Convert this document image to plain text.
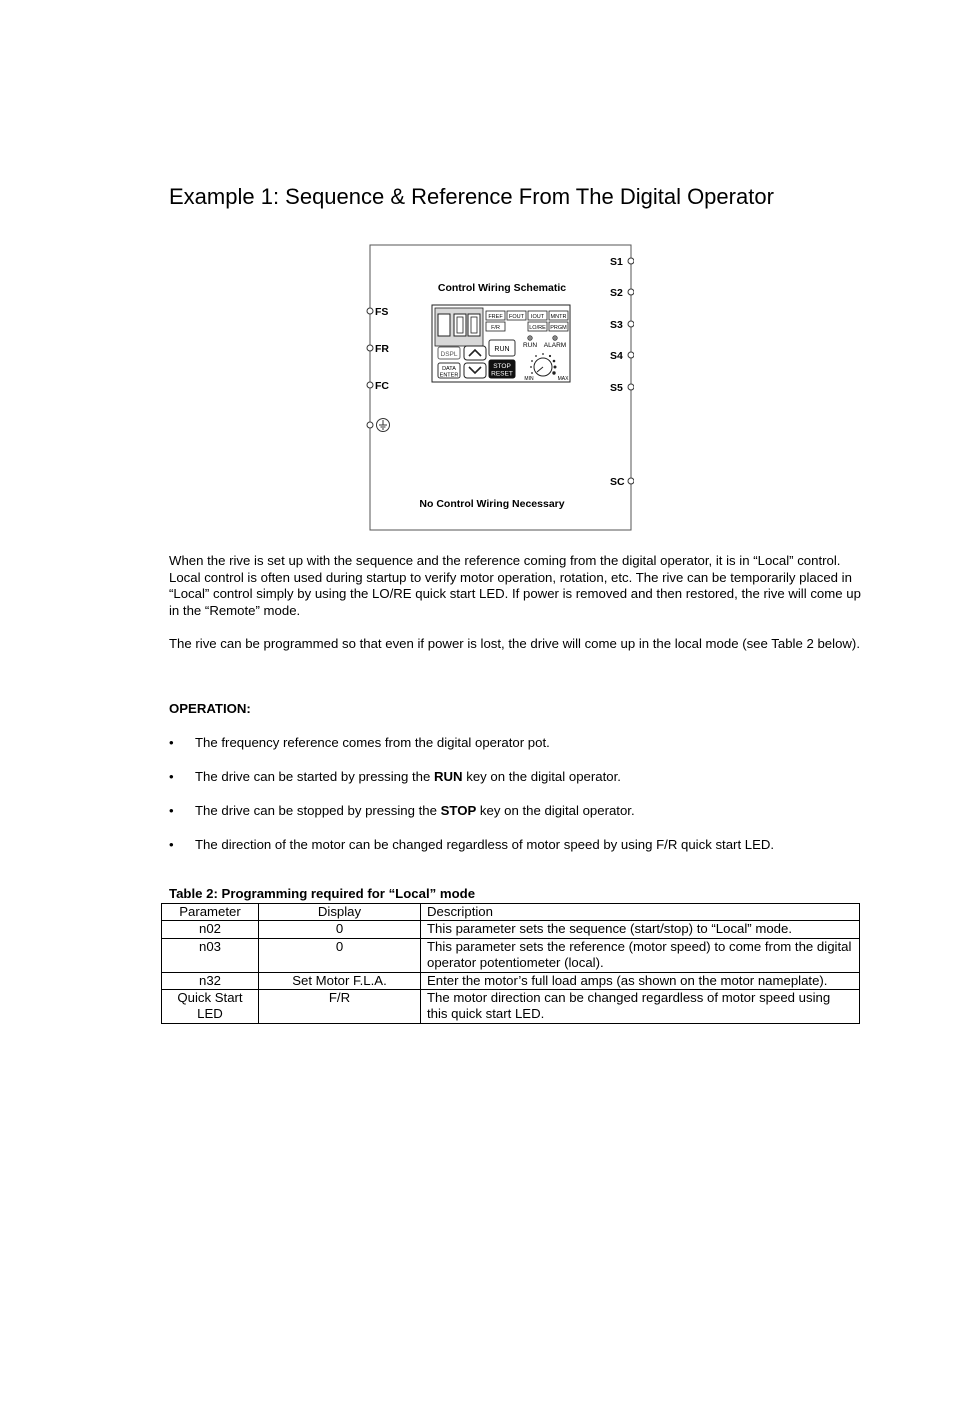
Example 1: Sequence & Reference From The Digital Operator
Control Wiring Schematic
FS
FR
FC
S1
S2
S3
S4
S5
SC
FREF FOUT IOUT MNTR
F/R	LO/RE PRGM
DSPL
DATA
ENTER
RUN
STOP
RESET
RUN ALARM
MIN	MAX
No Control Wiring Necessary
When the rive is set up with the sequence and the reference coming from the digital operator, it is in “Local” control. Local control is often used during startup to verify motor operation, rotation, etc. The rive can be temporarily placed in “Local” control simply by using the LO/RE quick start LED. If power is removed and then restored, the rive will come up in the “Remote” mode.
The rive can be programmed so that even if power is lost, the drive will come up in the local mode (see Table 2 below).
OPERATION:
• The frequency reference comes from the digital operator pot.
• The drive can be started by pressing the RUN key on the digital operator.
• The drive can be stopped by pressing the STOP key on the digital operator.
• The direction of the motor can be changed regardless of motor speed by using F/R quick start LED.
Table 2: Programming required for “Local” mode
Parameter	Display	Description
n02	0	This parameter sets the sequence (start/stop) to “Local” mode.
n03	0	This parameter sets the reference (motor speed) to come from the digital operator potentiometer (local).
n32	Set Motor F.L.A.	Enter the motor’s full load amps (as shown on the motor nameplate).
Quick Start LED	F/R	The motor direction can be changed regardless of motor speed using this quick start LED.
